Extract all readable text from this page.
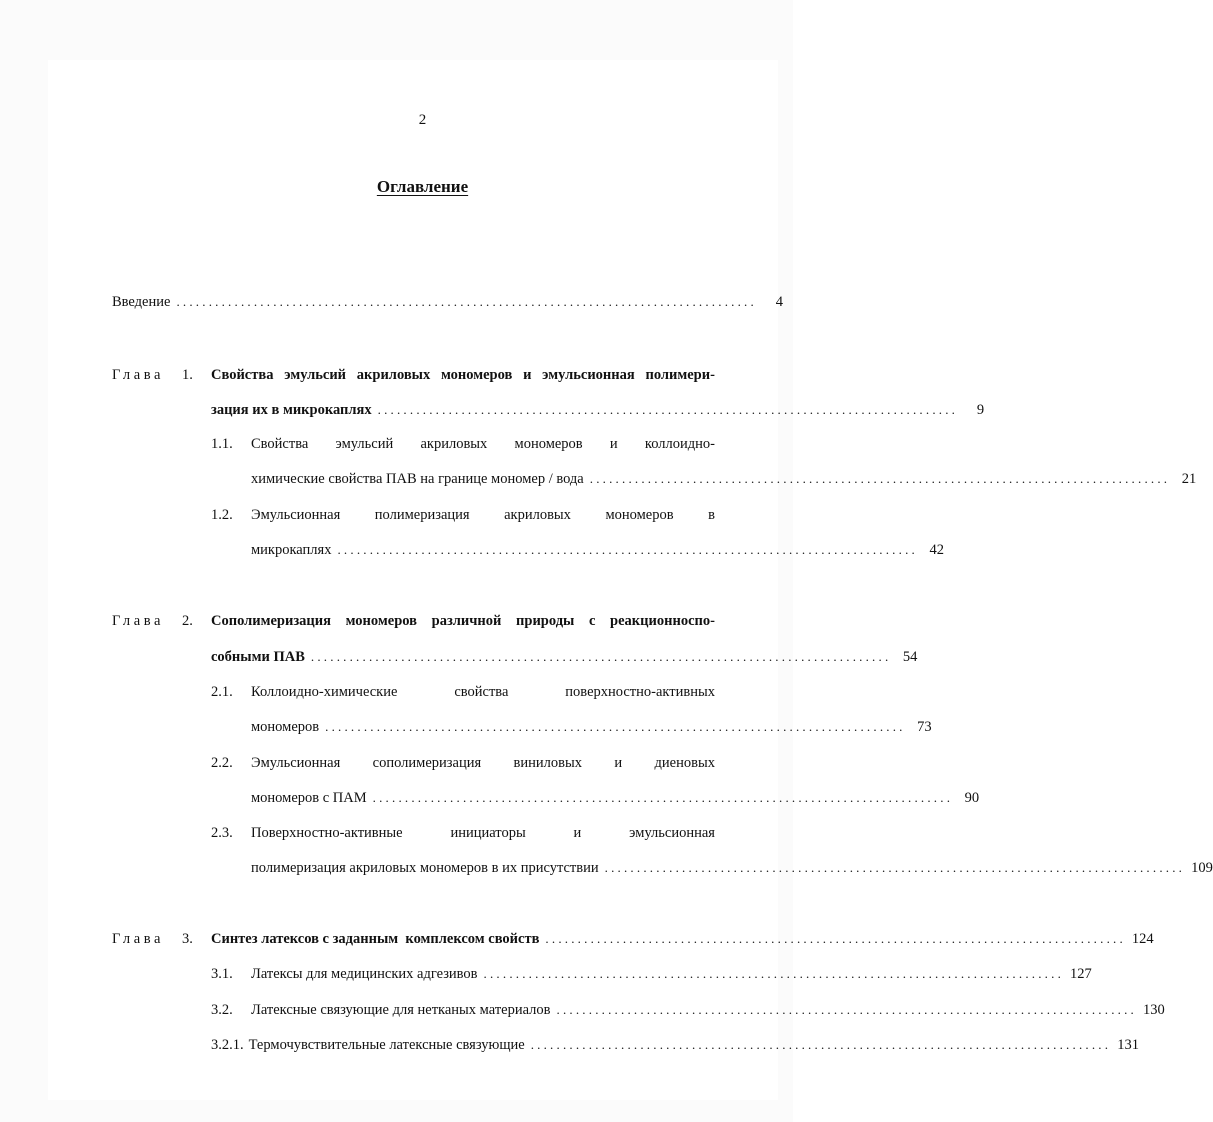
2
Оглавление
Введение ..........................................................................................	4
Глава 1. Свойства эмульсий акриловых мономеров и эмульсионная полимери-
зация их в микрокаплях ..........................................................................................	9
1.1. Свойства эмульсий акриловых мономеров и коллоидно-
химические свойства ПАВ на границе мономер / вода .......................................................................................... 21
1.2. Эмульсионная полимеризация акриловых мономеров в
микрокаплях .......................................................................................... 42
Глава 2. Сополимеризация мономеров различной природы с реакционноспо-
собными ПАВ .......................................................................................... 54
2.1. Коллоидно-химические	свойства	поверхностно-активных
мономеров .......................................................................................... 73
2.2. Эмульсионная сополимеризация виниловых и диеновых
мономеров с ПАМ .......................................................................................... 90
2.3. Поверхностно-активные	инициаторы	и	эмульсионная
полимеризация акриловых мономеров в их присутствии .......................................................................................... 109
Глава 3. Синтез латексов с заданным  комплексом свойств .......................................................................................... 124
3.1. Латексы для медицинских адгезивов .......................................................................................... 127
3.2. Латексные связующие для нетканых материалов .......................................................................................... 130
3.2.1. Термочувствительные латексные связующие .......................................................................................... 131
